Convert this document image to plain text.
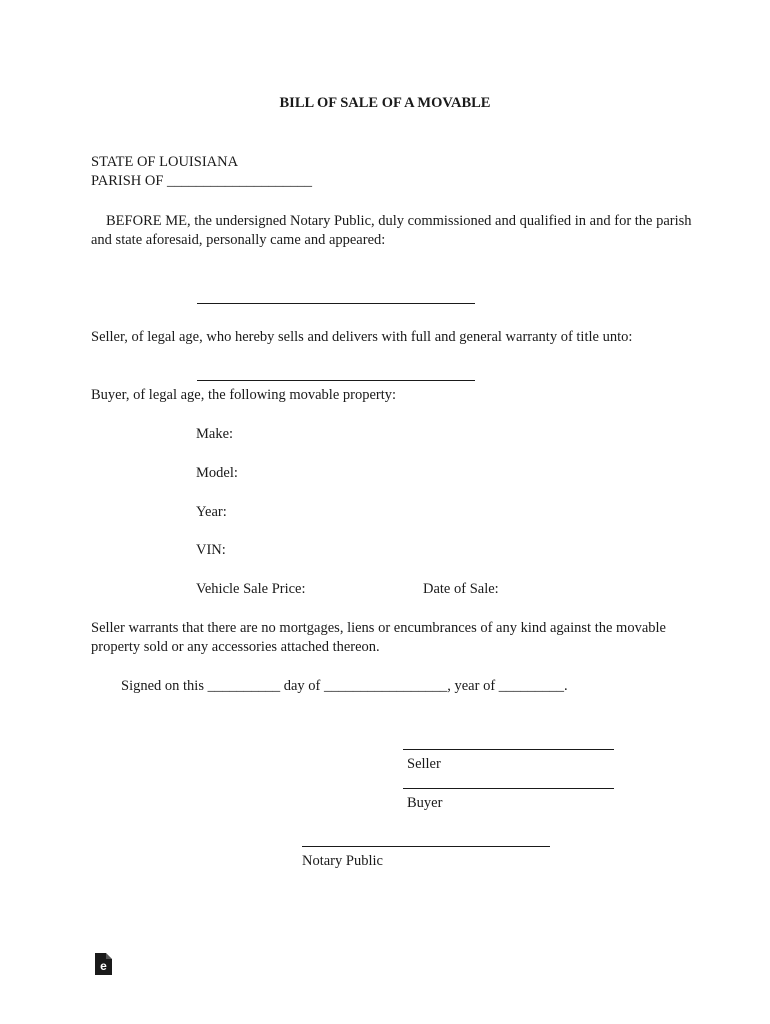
BILL OF SALE OF A MOVABLE
STATE OF LOUISIANA
PARISH OF ____________________
BEFORE ME, the undersigned Notary Public, duly commissioned and qualified in and for the parish
and state aforesaid, personally came and appeared:
Seller, of legal age, who hereby sells and delivers with full and general warranty of title unto:
Buyer, of legal age, the following movable property:
Make:
Model:
Year:
VIN:
Vehicle Sale Price:	Date of Sale:
Seller warrants that there are no mortgages, liens or encumbrances of any kind against the movable
property sold or any accessories attached thereon.
Signed on this __________ day of _________________, year of _________.
Seller
Buyer
Notary Public
e
